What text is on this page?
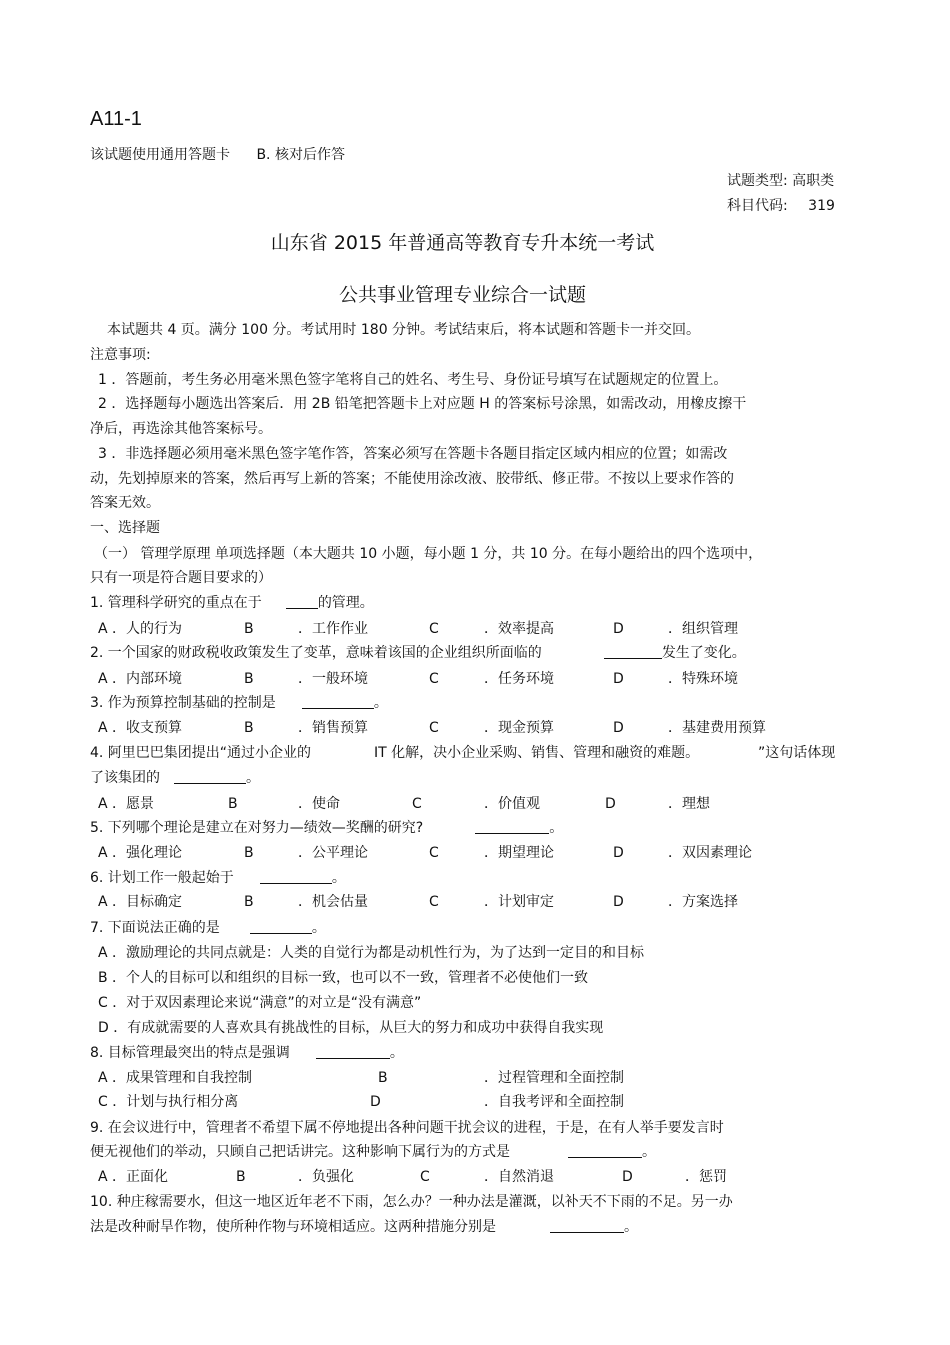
A11-1
该试题使用通用答题卡 B. 核对后作答
试题类型: 高职类
科目代码: 319
山东省 2015 年普通高等教育专升本统一考试
公共事业管理专业综合一试题
本试题共 4 页。满分 100 分。考试用时 180 分钟。考试结束后，将本试题和答题卡一并交回。
注意事项:
1 ．答题前，考生务必用毫米黑色签字笔将自己的姓名、考生号、身份证号填写在试题规定的位置上。
2 ．选择题每小题选出答案后．用 2B 铅笔把答题卡上对应题 H 的答案标号涂黑，如需改动，用橡皮擦干
净后，再选涂其他答案标号。
3 ．非选择题必须用毫米黑色签字笔作答，答案必须写在答题卡各题目指定区域内相应的位置；如需改
动，先划掉原来的答案，然后再写上新的答案；不能使用涂改液、胶带纸、修正带。不按以上要求作答的
答案无效。
一、选择题
（一） 管理学原理 单项选择题（本大题共 10 小题，每小题 1 分，共 10 分。在每小题给出的四个选项中，
只有一项是符合题目要求的）
1. 管理科学研究的重点在于	的管理。
A ．人的行为	B	．工作作业	C	．效率提高	D	．组织管理
2. 一个国家的财政税收政策发生了变革，意味着该国的企业组织所面临的	发生了变化。
A ．内部环境	B	．一般环境	C	．任务环境	D	．特殊环境
3. 作为预算控制基础的控制是	。
A ．收支预算	B	．销售预算	C	．现金预算	D	．基建费用预算
4. 阿里巴巴集团提出“通过小企业的	IT 化解，决小企业采购、销售、管理和融资的难题。	”这句话体现
了该集团的	。
A ．愿景	B	．使命	C	．价值观	D	．理想
5. 下列哪个理论是建立在对努力—绩效—奖酬的研究?	。
A ．强化理论	B	．公平理论	C	．期望理论	D	．双因素理论
6. 计划工作一般起始于	。
A ．目标确定	B	．机会估量	C	．计划审定	D	．方案选择
7. 下面说法正确的是	。
A ．激励理论的共同点就是：人类的自觉行为都是动机性行为，为了达到一定目的和目标
B ．个人的目标可以和组织的目标一致，也可以不一致，管理者不必使他们一致
C ．对于双因素理论来说“满意”的对立是“没有满意”
D ．有成就需要的人喜欢具有挑战性的目标，从巨大的努力和成功中获得自我实现
8. 目标管理最突出的特点是强调	。
A ．成果管理和自我控制	B	．过程管理和全面控制
C ．计划与执行相分离	D	．自我考评和全面控制
9. 在会议进行中，管理者不希望下属不停地提出各种问题干扰会议的进程，于是，在有人举手要发言时
便无视他们的举动，只顾自己把话讲完。这种影响下属行为的方式是	。
A ．正面化	B	．负强化	C	．自然消退	D	．惩罚
10. 种庄稼需要水，但这一地区近年老不下雨，怎么办？一种办法是灌溉，以补天不下雨的不足。另一办
法是改种耐旱作物，使所种作物与环境相适应。这两种措施分别是	。
